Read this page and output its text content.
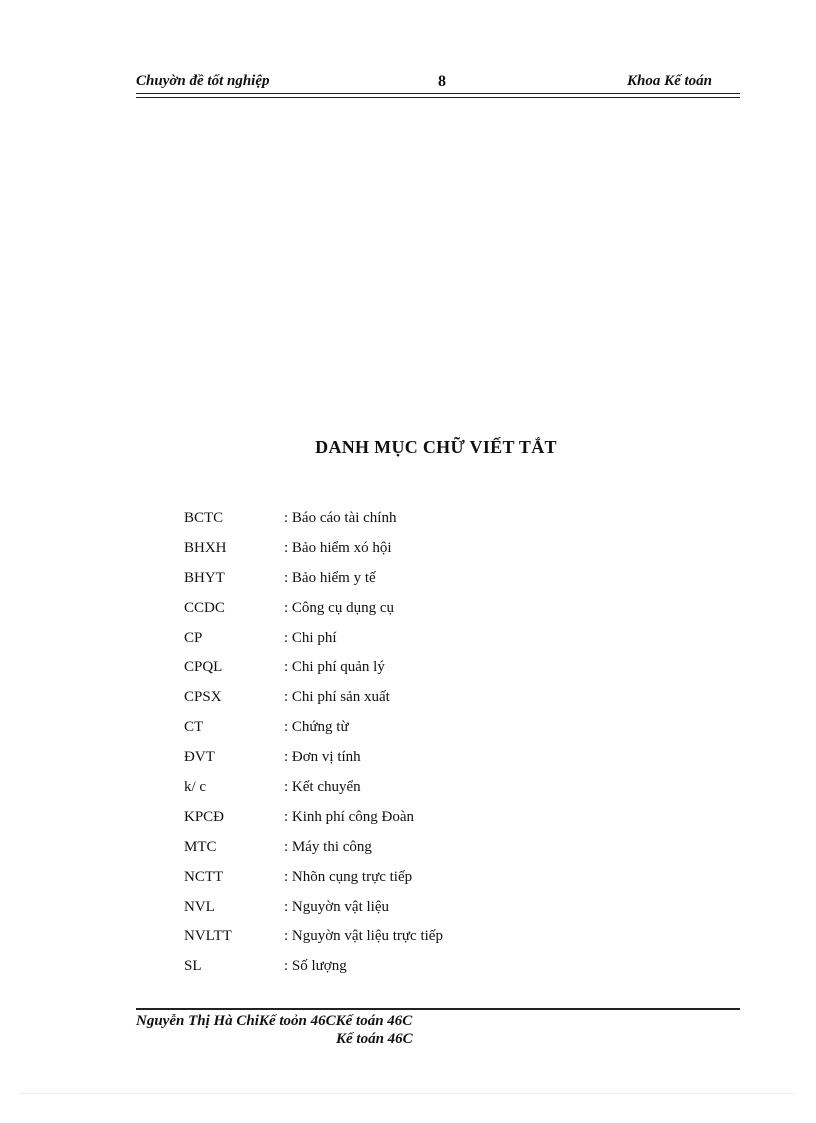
Chuyờn đề tốt nghiệp	8	Khoa Kế toán
DANH MỤC CHỮ VIẾT TẮT
BCTC	: Báo cáo tài chính
BHXH	: Bảo hiểm xó hội
BHYT	: Bảo hiểm y tế
CCDC	: Công cụ dụng cụ
CP	: Chi phí
CPQL	: Chi phí quản lý
CPSX	: Chi phí sản xuất
CT	: Chứng từ
ĐVT	: Đơn vị tính
k/ c	: Kết chuyển
KPCĐ	: Kinh phí công Đoàn
MTC	: Máy thi công
NCTT	: Nhõn cụng trực tiếp
NVL	: Nguyờn vật liệu
NVLTT	: Nguyờn vật liệu trực tiếp
SL	: Số lượng
Nguyễn Thị Hà ChiKế toỏn 46CKế toán 46C
Kế toán 46C
